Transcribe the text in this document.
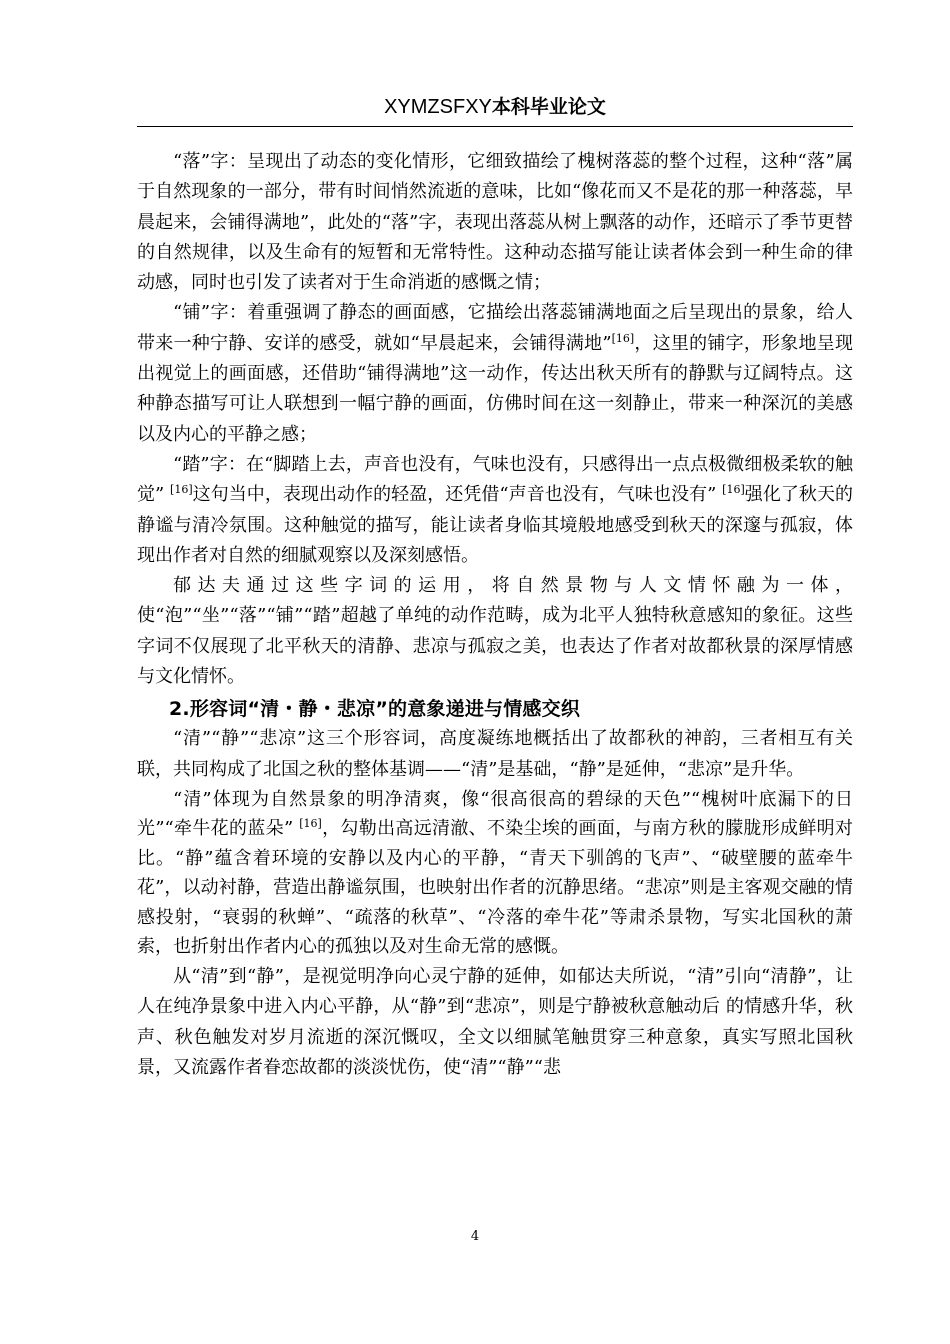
XYMZSFXY本科毕业论文

“落”字：呈现出了动态的变化情形，它细致描绘了槐树落蕊的整个过程，这种“落”属于自然现象的一部分，带有时间悄然流逝的意味，比如“像花而又不是花的那一种落蕊，早晨起来，会铺得满地”，此处的“落”字，表现出落蕊从树上飘落的动作，还暗示了季节更替的自然规律，以及生命有的短暂和无常特性。这种动态描写能让读者体会到一种生命的律动感，同时也引发了读者对于生命消逝的感慨之情；

“铺”字：着重强调了静态的画面感，它描绘出落蕊铺满地面之后呈现出的景象，给人带来一种宁静、安详的感受，就如“早晨起来，会铺得满地”[16]，这里的铺字，形象地呈现出视觉上的画面感，还借助“铺得满地”这一动作，传达出秋天所有的静默与辽阔特点。这种静态描写可让人联想到一幅宁静的画面，仿佛时间在这一刻静止，带来一种深沉的美感以及内心的平静之感；

“踏”字：在“脚踏上去，声音也没有，气味也没有，只感得出一点点极微细极柔软的触觉” [16]这句当中，表现出动作的轻盈，还凭借“声音也没有，气味也没有” [16]强化了秋天的静谧与清冷氛围。这种触觉的描写，能让读者身临其境般地感受到秋天的深邃与孤寂，体现出作者对自然的细腻观察以及深刻感悟。

郁达夫通过这些字词的运用，将自然景物与人文情怀融为一体，使“泡”“坐”“落”“铺”“踏”超越了单纯的动作范畴，成为北平人独特秋意感知的象征。这些字词不仅展现了北平秋天的清静、悲凉与孤寂之美，也表达了作者对故都秋景的深厚情感与文化情怀。

2.形容词“清・静・悲凉”的意象递进与情感交织

“清”“静”“悲凉”这三个形容词，高度凝练地概括出了故都秋的神韵，三者相互有关联，共同构成了北国之秋的整体基调——“清”是基础，“静”是延伸，“悲凉”是升华。

“清”体现为自然景象的明净清爽，像“很高很高的碧绿的天色”“槐树叶底漏下的日光”“牵牛花的蓝朵” [16]，勾勒出高远清澈、不染尘埃的画面，与南方秋的朦胧形成鲜明对比。“静”蕴含着环境的安静以及内心的平静，“青天下驯鸽的飞声”、“破壁腰的蓝牵牛花”，以动衬静，营造出静谧氛围，也映射出作者的沉静思绪。“悲凉”则是主客观交融的情感投射，“衰弱的秋蝉”、“疏落的秋草”、“冷落的牵牛花”等肃杀景物，写实北国秋的萧索，也折射出作者内心的孤独以及对生命无常的感慨。

从“清”到“静”，是视觉明净向心灵宁静的延伸，如郁达夫所说，“清”引向“清静”，让人在纯净景象中进入内心平静，从“静”到“悲凉”，则是宁静被秋意触动后 的情感升华，秋声、秋色触发对岁月流逝的深沉慨叹，全文以细腻笔触贯穿三种意象，真实写照北国秋景，又流露作者眷恋故都的淡淡忧伤，使“清”“静”“悲

4
